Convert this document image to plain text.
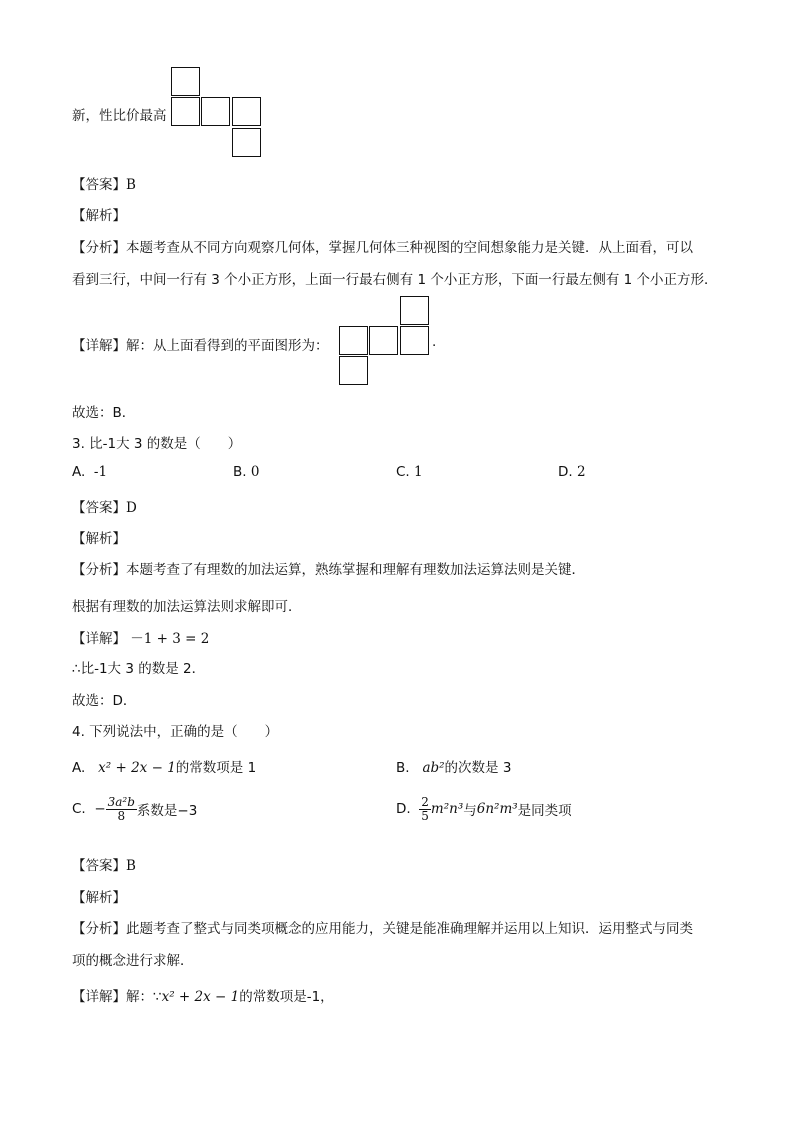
新，性比价最高
【答案】B
【解析】
【分析】本题考查从不同方向观察几何体，掌握几何体三种视图的空间想象能力是关键．从上面看，可以
看到三行，中间一行有 3 个小正方形，上面一行最右侧有 1 个小正方形，下面一行最左侧有 1 个小正方形．
【详解】解：从上面看得到的平面图形为：	.
故选：B．
3. 比-1大 3 的数是（　　）
A. -1	B. 0	C. 1	D. 2
【答案】D
【解析】
【分析】本题考查了有理数的加法运算，熟练掌握和理解有理数加法运算法则是关键．
根据有理数的加法运算法则求解即可．
【详解】 －1 + 3 = 2
∴比-1大 3 的数是 2．
故选：D．
4. 下列说法中，正确的是（　　）
A. x² + 2x − 1的常数项是 1	B. ab²的次数是 3
C. − $\frac{\text{3a²b}}{8}$ 系数是−3	D. $\frac{2}{5} m^2n^3$与6n²m³是同类项
【答案】B
【解析】
【分析】此题考查了整式与同类项概念的应用能力，关键是能准确理解并运用以上知识．运用整式与同类
项的概念进行求解．
【详解】解：∵x² + 2x − 1的常数项是-1，
